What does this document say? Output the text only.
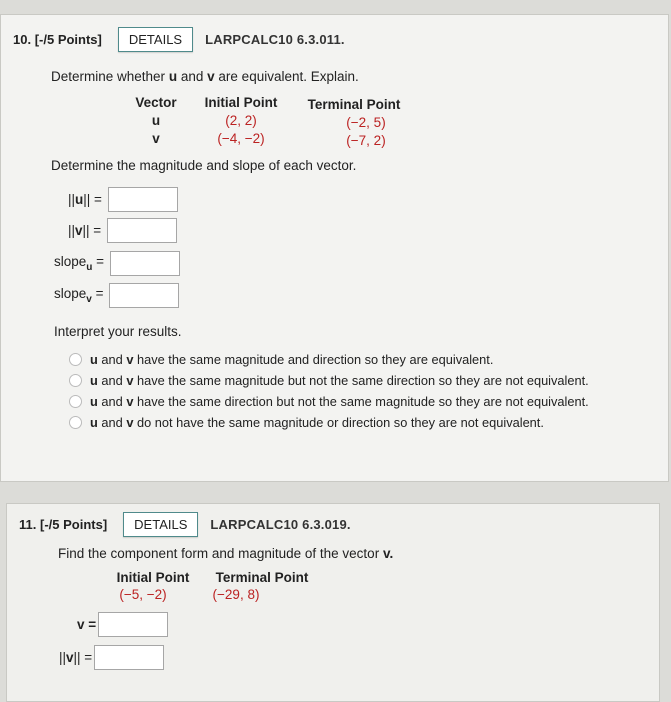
10.
[-/5 Points]	DETAILS	LARPCALC10 6.3.011.
Determine whether u and v are equivalent. Explain.
Vector	Initial Point	Terminal Point
u	(2, 2)	(−2, 5)
v	(−4, −2)	(−7, 2)
Determine the magnitude and slope of each vector.
||u|| =
||v|| =
slope$_u$ =
slope$_v$ =
Interpret your results.
u
and
v
have the same magnitude and direction so they are equivalent.
u
and
v
have the same magnitude but not the same direction so they are not equivalent.
u
and
v
have the same direction but not the same magnitude so they are not equivalent.
u
and
v
do not have the same magnitude or direction so they are not equivalent.
11.
[-/5 Points]	DETAILS	LARPCALC10 6.3.019.
Find the component form and magnitude of the vector v.
Initial Point	Terminal Point
(−5, −2)	(−29, 8)
v =
||v|| =
